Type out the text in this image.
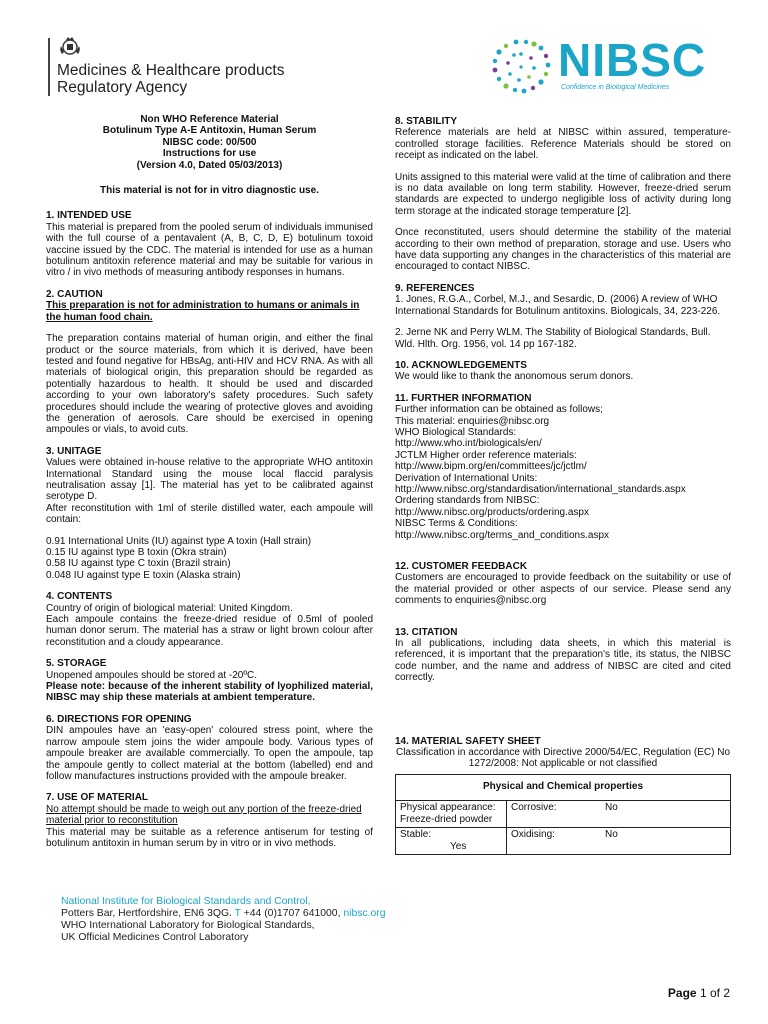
Medicines & Healthcare products
Regulatory Agency
NIBSC
Confidence in Biological Medicines

Non WHO Reference Material

Botulinum Type A-E Antitoxin, Human Serum

NIBSC code: 00/500

Instructions for use

(Version 4.0, Dated 05/03/2013)

This material is not for in vitro diagnostic use.

1. INTENDED USE

This material is prepared from the pooled serum of individuals immunised with the full course of a pentavalent (A, B, C, D, E) botulinum toxoid vaccine issued by the CDC. The material is intended for use as a human botulinum antitoxin reference material and may be suitable for various in vitro / in vivo methods of measuring antibody responses in humans.

2. CAUTION

This preparation is not for administration to humans or animals in the human food chain.

The preparation contains material of human origin, and either the final product or the source materials, from which it is derived, have been tested and found negative for HBsAg, anti-HIV and HCV RNA. As with all materials of biological origin, this preparation should be regarded as potentially hazardous to health. It should be used and discarded according to your own laboratory's safety procedures. Such safety procedures should include the wearing of protective gloves and avoiding the generation of aerosols. Care should be exercised in opening ampoules or vials, to avoid cuts.

3. UNITAGE

Values were obtained in-house relative to the appropriate WHO antitoxin International Standard using the mouse local flaccid paralysis neutralisation assay [1]. The material has yet to be calibrated against serotype D.

After reconstitution with 1ml of sterile distilled water, each ampoule will contain:

0.91 International Units (IU) against type A toxin (Hall strain)

0.15 IU against type B toxin (Okra strain)

0.58 IU against type C toxin (Brazil strain)

0.048 IU against type E toxin (Alaska strain)

4. CONTENTS

Country of origin of biological material: United Kingdom.

Each ampoule contains the freeze-dried residue of 0.5ml of pooled human donor serum. The material has a straw or light brown colour after reconstitution and a cloudy appearance.

5. STORAGE

Unopened ampoules should be stored at -20ºC.

Please note: because of the inherent stability of lyophilized material, NIBSC may ship these materials at ambient temperature.

6. DIRECTIONS FOR OPENING

DIN ampoules have an 'easy-open' coloured stress point, where the narrow ampoule stem joins the wider ampoule body. Various types of ampoule breaker are available commercially. To open the ampoule, tap the ampoule gently to collect material at the bottom (labelled) end and follow manufactures instructions provided with the ampoule breaker.

7. USE OF MATERIAL

No attempt should be made to weigh out any portion of the freeze-dried material prior to reconstitution

This material may be suitable as a reference antiserum for testing of botulinum antitoxin in human serum by in vitro or in vivo methods.

8. STABILITY

Reference materials are held at NIBSC within assured, temperature-controlled storage facilities. Reference Materials should be stored on receipt as indicated on the label.

Units assigned to this material were valid at the time of calibration and there is no data available on long term stability. However, freeze-dried serum standards are expected to undergo negligible loss of activity during long term storage at the indicated storage temperature [2].

Once reconstituted, users should determine the stability of the material according to their own method of preparation, storage and use. Users who have data supporting any changes in the characteristics of this material are encouraged to contact NIBSC.

9. REFERENCES

1. Jones, R.G.A., Corbel, M.J., and Sesardic, D. (2006) A review of WHO International Standards for Botulinum antitoxins. Biologicals, 34, 223-226.

2. Jerne NK and Perry WLM. The Stability of Biological Standards, Bull. Wld. Hlth. Org. 1956, vol. 14 pp 167-182.

10. ACKNOWLEDGEMENTS

We would like to thank the anonomous serum donors.

11. FURTHER INFORMATION

Further information can be obtained as follows;

This material: enquiries@nibsc.org

WHO Biological Standards:

http://www.who.int/biologicals/en/

JCTLM Higher order reference materials:

http://www.bipm.org/en/committees/jc/jctlm/

Derivation of International Units:

http://www.nibsc.org/standardisation/international_standards.aspx

Ordering standards from NIBSC:

http://www.nibsc.org/products/ordering.aspx

NIBSC Terms & Conditions:

http://www.nibsc.org/terms_and_conditions.aspx

12. CUSTOMER FEEDBACK

Customers are encouraged to provide feedback on the suitability or use of the material provided or other aspects of our service. Please send any comments to enquiries@nibsc.org

13. CITATION

In all publications, including data sheets, in which this material is referenced, it is important that the preparation's title, its status, the NIBSC code number, and the name and address of NIBSC are cited and cited correctly.

14. MATERIAL SAFETY SHEET

Classification in accordance with Directive 2000/54/EC, Regulation (EC) No 1272/2008: Not applicable or not classified

Physical and Chemical properties
Physical appearance: Freeze-dried powder
Corrosive:	No
Stable:
Yes
Oxidising:	No
National Institute for Biological Standards and Control,
Potters Bar, Hertfordshire, EN6 3QG. T +44 (0)1707 641000, nibsc.org
WHO International Laboratory for Biological Standards,
UK Official Medicines Control Laboratory
Page 1 of 2
